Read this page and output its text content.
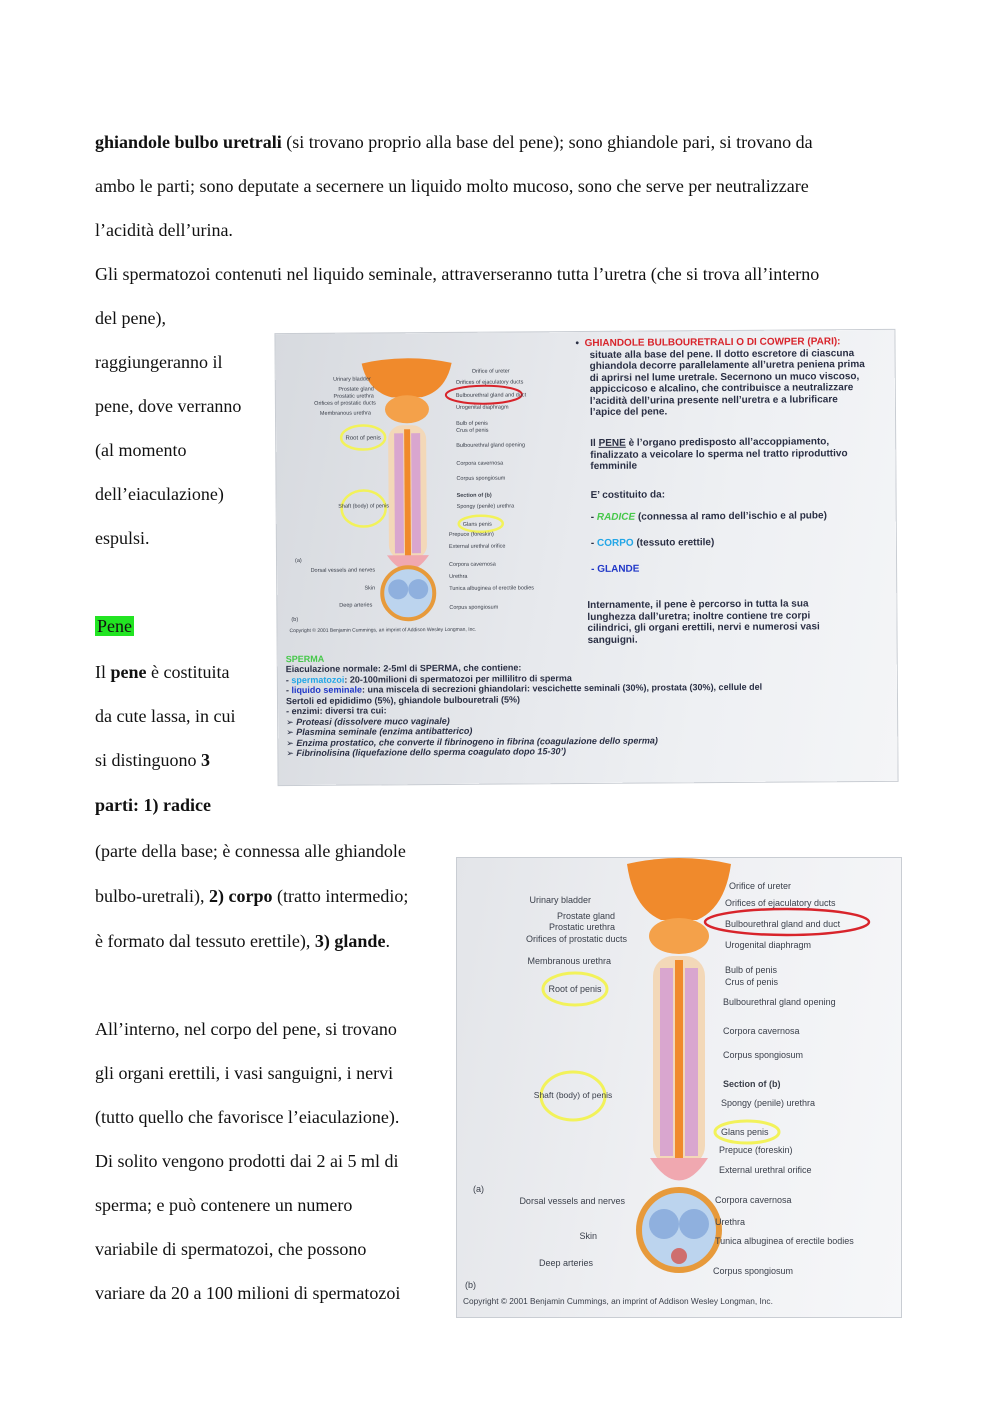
ghiandole bulbo uretrali (si trovano proprio alla base del pene); sono ghiandole pari, si trovano da

ambo le parti; sono deputate a secernere un liquido molto mucoso, sono che serve per neutralizzare

l’acidità dell’urina.

Gli spermatozoi contenuti nel liquido seminale, attraverseranno tutta l’uretra (che si trova all’interno

del pene),

raggiungeranno il

pene, dove verranno

(al momento

dell’eiaculazione)

espulsi.

Pene

Il pene è costituita

da cute lassa, in cui

si distinguono 3

parti: 1) radice

(parte della base; è connessa alle ghiandole

bulbo-uretrali), 2) corpo (tratto intermedio;

è formato dal tessuto erettile), 3) glande.

All’interno, nel corpo del pene, si trovano

gli organi erettili, i vasi sanguigni, i nervi

(tutto quello che favorisce l’eiaculazione).

Di solito vengono prodotti dai 2 ai 5 ml di

sperma; e può contenere un numero

variabile di spermatozoi, che possono

variare da 20 a 100 milioni di spermatozoi

Urinary bladder
Prostate gland
Prostatic urethra
Orifices of prostatic ducts
Membranous urethra
Root of penis
Shaft (body) of penis
Dorsal vessels and nerves
Skin
Deep arteries
Orifice of ureter
Orifices of ejaculatory ducts
Bulbourethral gland and duct
Urogenital diaphragm
Bulb of penis
Crus of penis
Bulbourethral gland opening
Corpora cavernosa
Corpus spongiosum
Section of (b)
Spongy (penile) urethra
Glans penis
Prepuce (foreskin)
External urethral orifice
Corpora cavernosa
Urethra
Tunica albuginea of erectile bodies
Corpus spongiosum
(a)
(b)
Copyright © 2001 Benjamin Cummings, an imprint of Addison Wesley Longman, Inc.

• GHIANDOLE BULBOURETRALI O DI COWPER (PARI):

situate alla base del pene. Il dotto escretore di ciascuna

ghiandola decorre parallelamente all’uretra peniena prima

di aprirsi nel lume uretrale. Secernono un muco viscoso,

appiccicoso e alcalino, che contribuisce a neutralizzare

l’acidità dell’urina presente nell’uretra e a lubrificare

l’apice del pene.

Il PENE è l’organo predisposto all’accoppiamento,

finalizzato a veicolare lo sperma nel tratto riproduttivo

femminile

E’ costituito da:

- RADICE (connessa al ramo dell’ischio e al pube)

- CORPO (tessuto erettile)

- GLANDE

Internamente, il pene è percorso in tutta la sua

lunghezza dall’uretra; inoltre contiene tre corpi

cilindrici, gli organi erettili, nervi e numerosi vasi

sanguigni.

SPERMA

Eiaculazione normale: 2-5ml di SPERMA, che contiene:

- spermatozoi: 20-100milioni di spermatozoi per millilitro di sperma

- liquido seminale: una miscela di secrezioni ghiandolari: vescichette seminali (30%), prostata (30%), cellule del

Sertoli ed epididimo (5%), ghiandole bulbouretrali (5%)

- enzimi: diversi tra cui:

➢ Proteasi (dissolvere muco vaginale)

➢ Plasmina seminale (enzima antibatterico)

➢ Enzima prostatico, che converte il fibrinogeno in fibrina (coagulazione dello sperma)

➢ Fibrinolisina (liquefazione dello sperma coagulato dopo 15-30’)

Urinary bladder
Prostate gland
Prostatic urethra
Orifices of prostatic ducts
Membranous urethra
Root of penis
Shaft (body) of penis
Dorsal vessels and nerves
Skin
Deep arteries
Orifice of ureter
Orifices of ejaculatory ducts
Bulbourethral gland and duct
Urogenital diaphragm
Bulb of penis
Crus of penis
Bulbourethral gland opening
Corpora cavernosa
Corpus spongiosum
Section of (b)
Spongy (penile) urethra
Glans penis
Prepuce (foreskin)
External urethral orifice
Corpora cavernosa
Urethra
Tunica albuginea of erectile bodies
Corpus spongiosum
(a)
(b)
Copyright © 2001 Benjamin Cummings, an imprint of Addison Wesley Longman, Inc.
